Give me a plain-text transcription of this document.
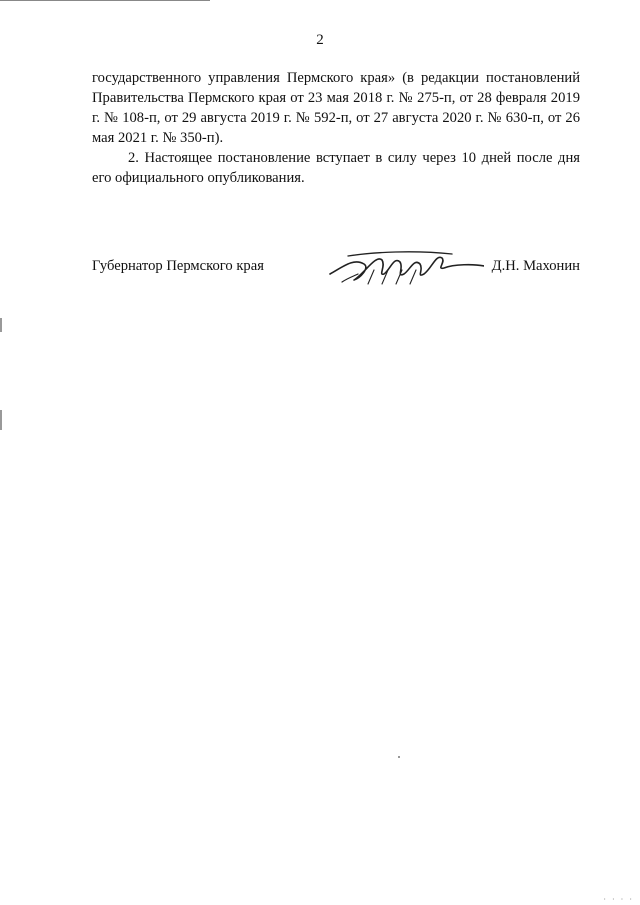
2

государственного управления Пермского края» (в редакции постановлений Правительства Пермского края от 23 мая 2018 г. № 275-п, от 28 февраля 2019 г. № 108-п, от 29 августа 2019 г. № 592-п, от 27 августа 2020 г. № 630-п, от 26 мая 2021 г. № 350-п).

2. Настоящее постановление вступает в силу через 10 дней после дня его официального опубликования.

Губернатор Пермского края	Д.Н. Махонин
· · · ·
